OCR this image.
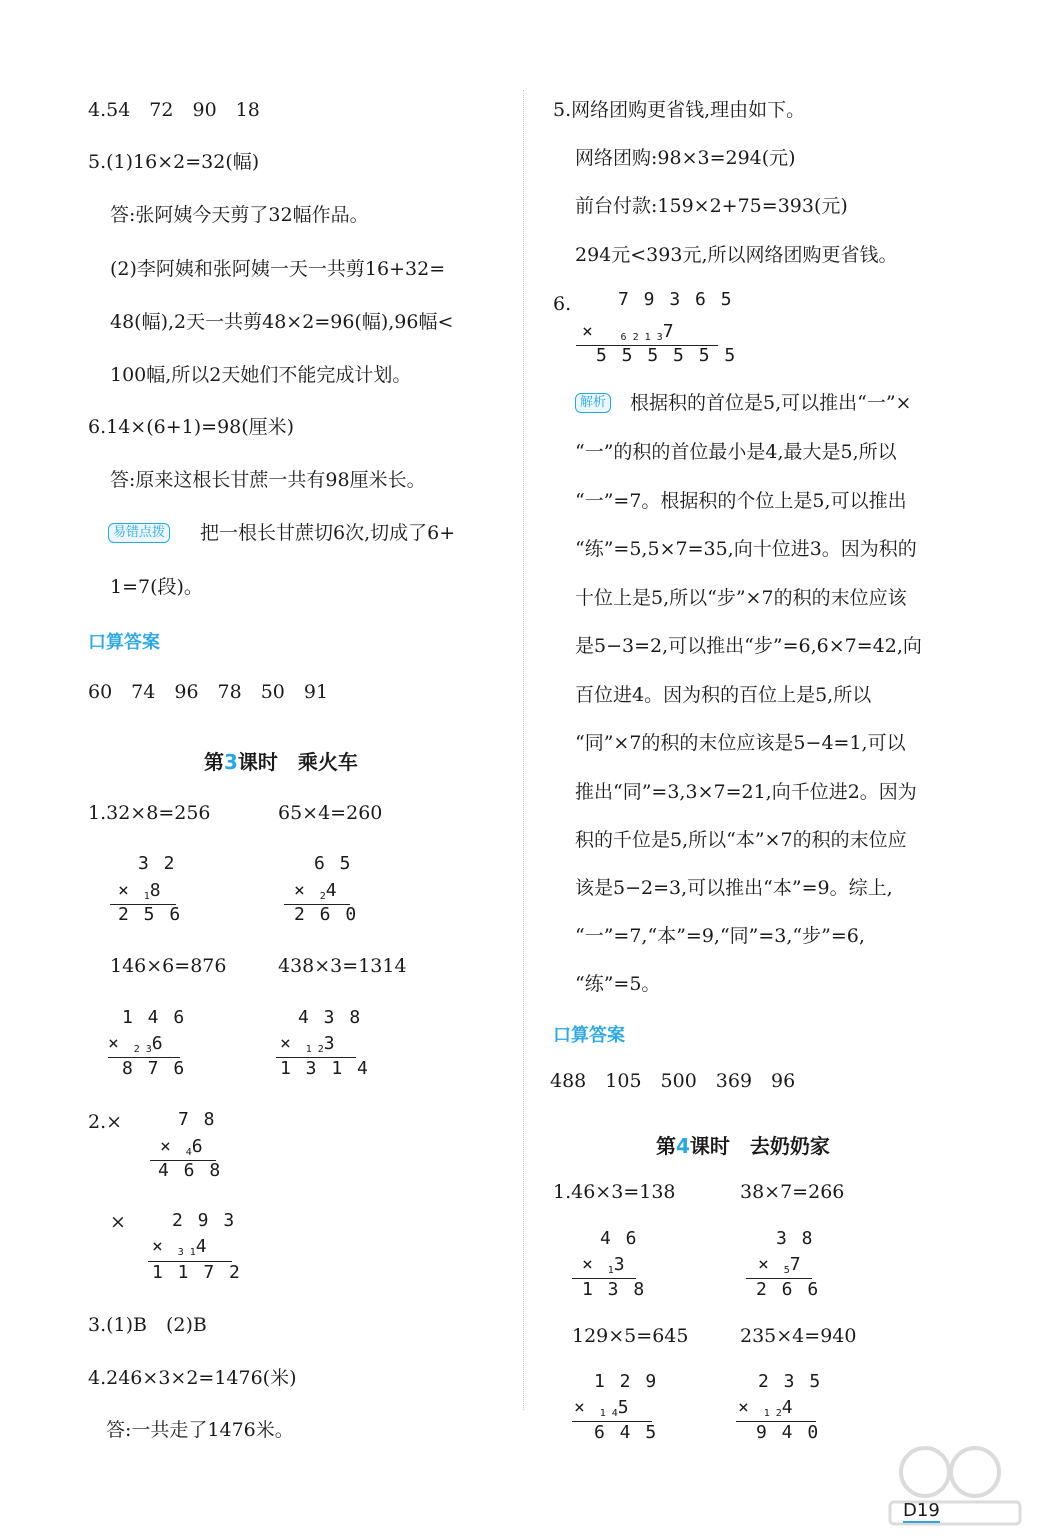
4.54　72　90　18
5.(1)16×2=32(幅)
答:张阿姨今天剪了32幅作品。
(2)李阿姨和张阿姨一天一共剪16+32=
48(幅),2天一共剪48×2=96(幅),96幅<
100幅,所以2天她们不能完成计划。
6.14×(6+1)=98(厘米)
答:原来这根长甘蔗一共有98厘米长。
易错点拨 把一根长甘蔗切6次,切成了6+
1=7(段)。
口算答案
60　74　96　78　50　91
第3课时　乘火车
1.32×8=256	65×4=260
3 2
× 18
2 5 6
6 5
× 24
2 6 0
146×6=876	438×3=1314
1 4 6
× 2 36
8 7 6
4 3 8
× 1 23
1 3 1 4
2.×	7 8
× 46
4 6 8
×	2 9 3
× 3 14
1 1 7 2
3.(1)B　(2)B
4.246×3×2=1476(米)
答:一共走了1476米。
5.网络团购更省钱,理由如下。
网络团购:98×3=294(元)
前台付款:159×2+75=393(元)
294元<393元,所以网络团购更省钱。
6.	7 9 3 6 5
×	6 2 1 37
5 5 5 5 5 5
解析 根据积的首位是5,可以推出“一”×
“一”的积的首位最小是4,最大是5,所以
“一”=7。根据积的个位上是5,可以推出
“练”=5,5×7=35,向十位进3。因为积的
十位上是5,所以“步”×7的积的末位应该
是5−3=2,可以推出“步”=6,6×7=42,向
百位进4。因为积的百位上是5,所以
“同”×7的积的末位应该是5−4=1,可以
推出“同”=3,3×7=21,向千位进2。因为
积的千位是5,所以“本”×7的积的末位应
该是5−2=3,可以推出“本”=9。综上,
“一”=7,“本”=9,“同”=3,“步”=6,
“练”=5。
口算答案
488　105　500　369　96
第4课时　去奶奶家
1.46×3=138	38×7=266
4 6
× 13
1 3 8
3 8
× 57
2 6 6
129×5=645	235×4=940
1 2 9
× 1 45
6 4 5
2 3 5
× 1 24
9 4 0
D19
